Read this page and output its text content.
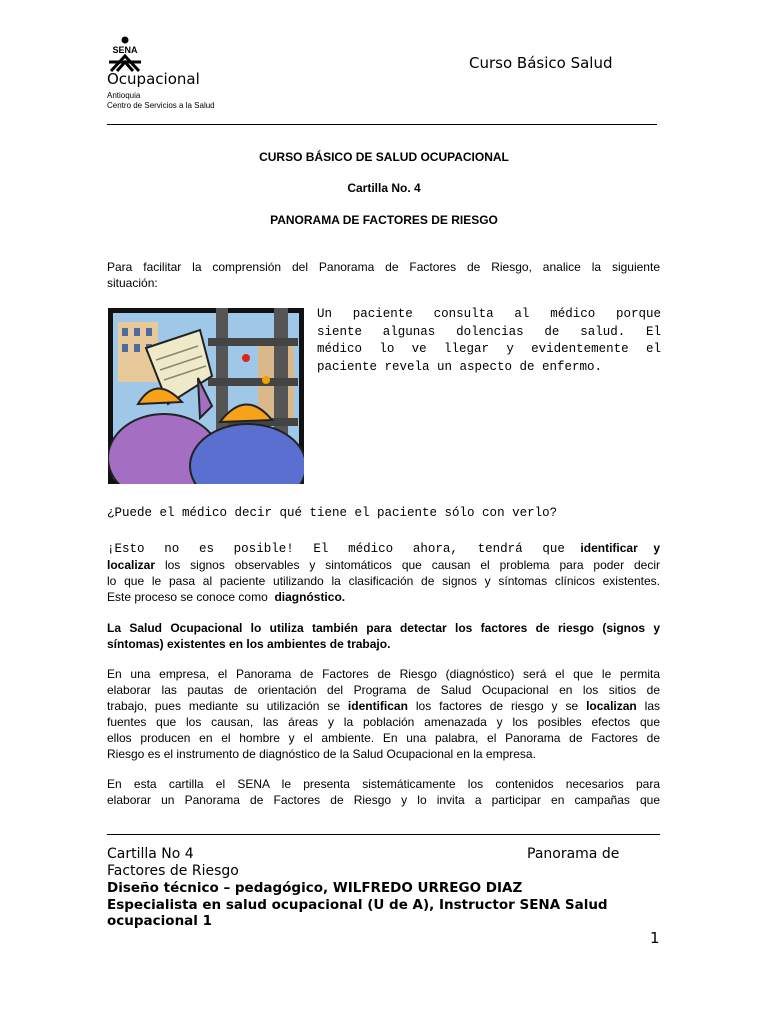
SENA
Ocupacional
Antioquia
Centro de Servicios a la Salud
Curso Básico Salud
CURSO BÁSICO DE SALUD OCUPACIONAL
Cartilla No. 4
PANORAMA DE FACTORES DE RIESGO
Para facilitar la comprensión del Panorama de Factores de Riesgo, analice la siguiente
situación:
Un paciente consulta al médico porque
siente algunas dolencias de salud. El
médico lo ve llegar y evidentemente el
paciente revela un aspecto de enfermo.
¿Puede el médico decir qué tiene el paciente sólo con verlo?
¡Esto no es posible! El médico ahora, tendrá que identificar y
localizar los signos observables y sintomáticos que causan el problema para poder decir
lo que le pasa al paciente utilizando la clasificación de signos y síntomas clínicos existentes.
Este proceso se conoce como diagnóstico.
La Salud Ocupacional lo utiliza también para detectar los factores de riesgo (signos y
síntomas) existentes en los ambientes de trabajo.
En una empresa, el Panorama de Factores de Riesgo (diagnóstico) será el que le permita
elaborar las pautas de orientación del Programa de Salud Ocupacional en los sitios de
trabajo, pues mediante su utilización se identifican los factores de riesgo y se localizan las
fuentes que los causan, las áreas y la población amenazada y los posibles efectos que
ellos producen en el hombre y el ambiente. En una palabra, el Panorama de Factores de
Riesgo es el instrumento de diagnóstico de la Salud Ocupacional en la empresa.
En esta cartilla el SENA le presenta sistemáticamente los contenidos necesarios para
elaborar un Panorama de Factores de Riesgo y lo invita a participar en campañas que
Cartilla No 4	Panorama de
Factores de Riesgo
Diseño técnico – pedagógico, WILFREDO URREGO DIAZ
Especialista en salud ocupacional (U de A), Instructor SENA Salud
ocupacional 1
1
